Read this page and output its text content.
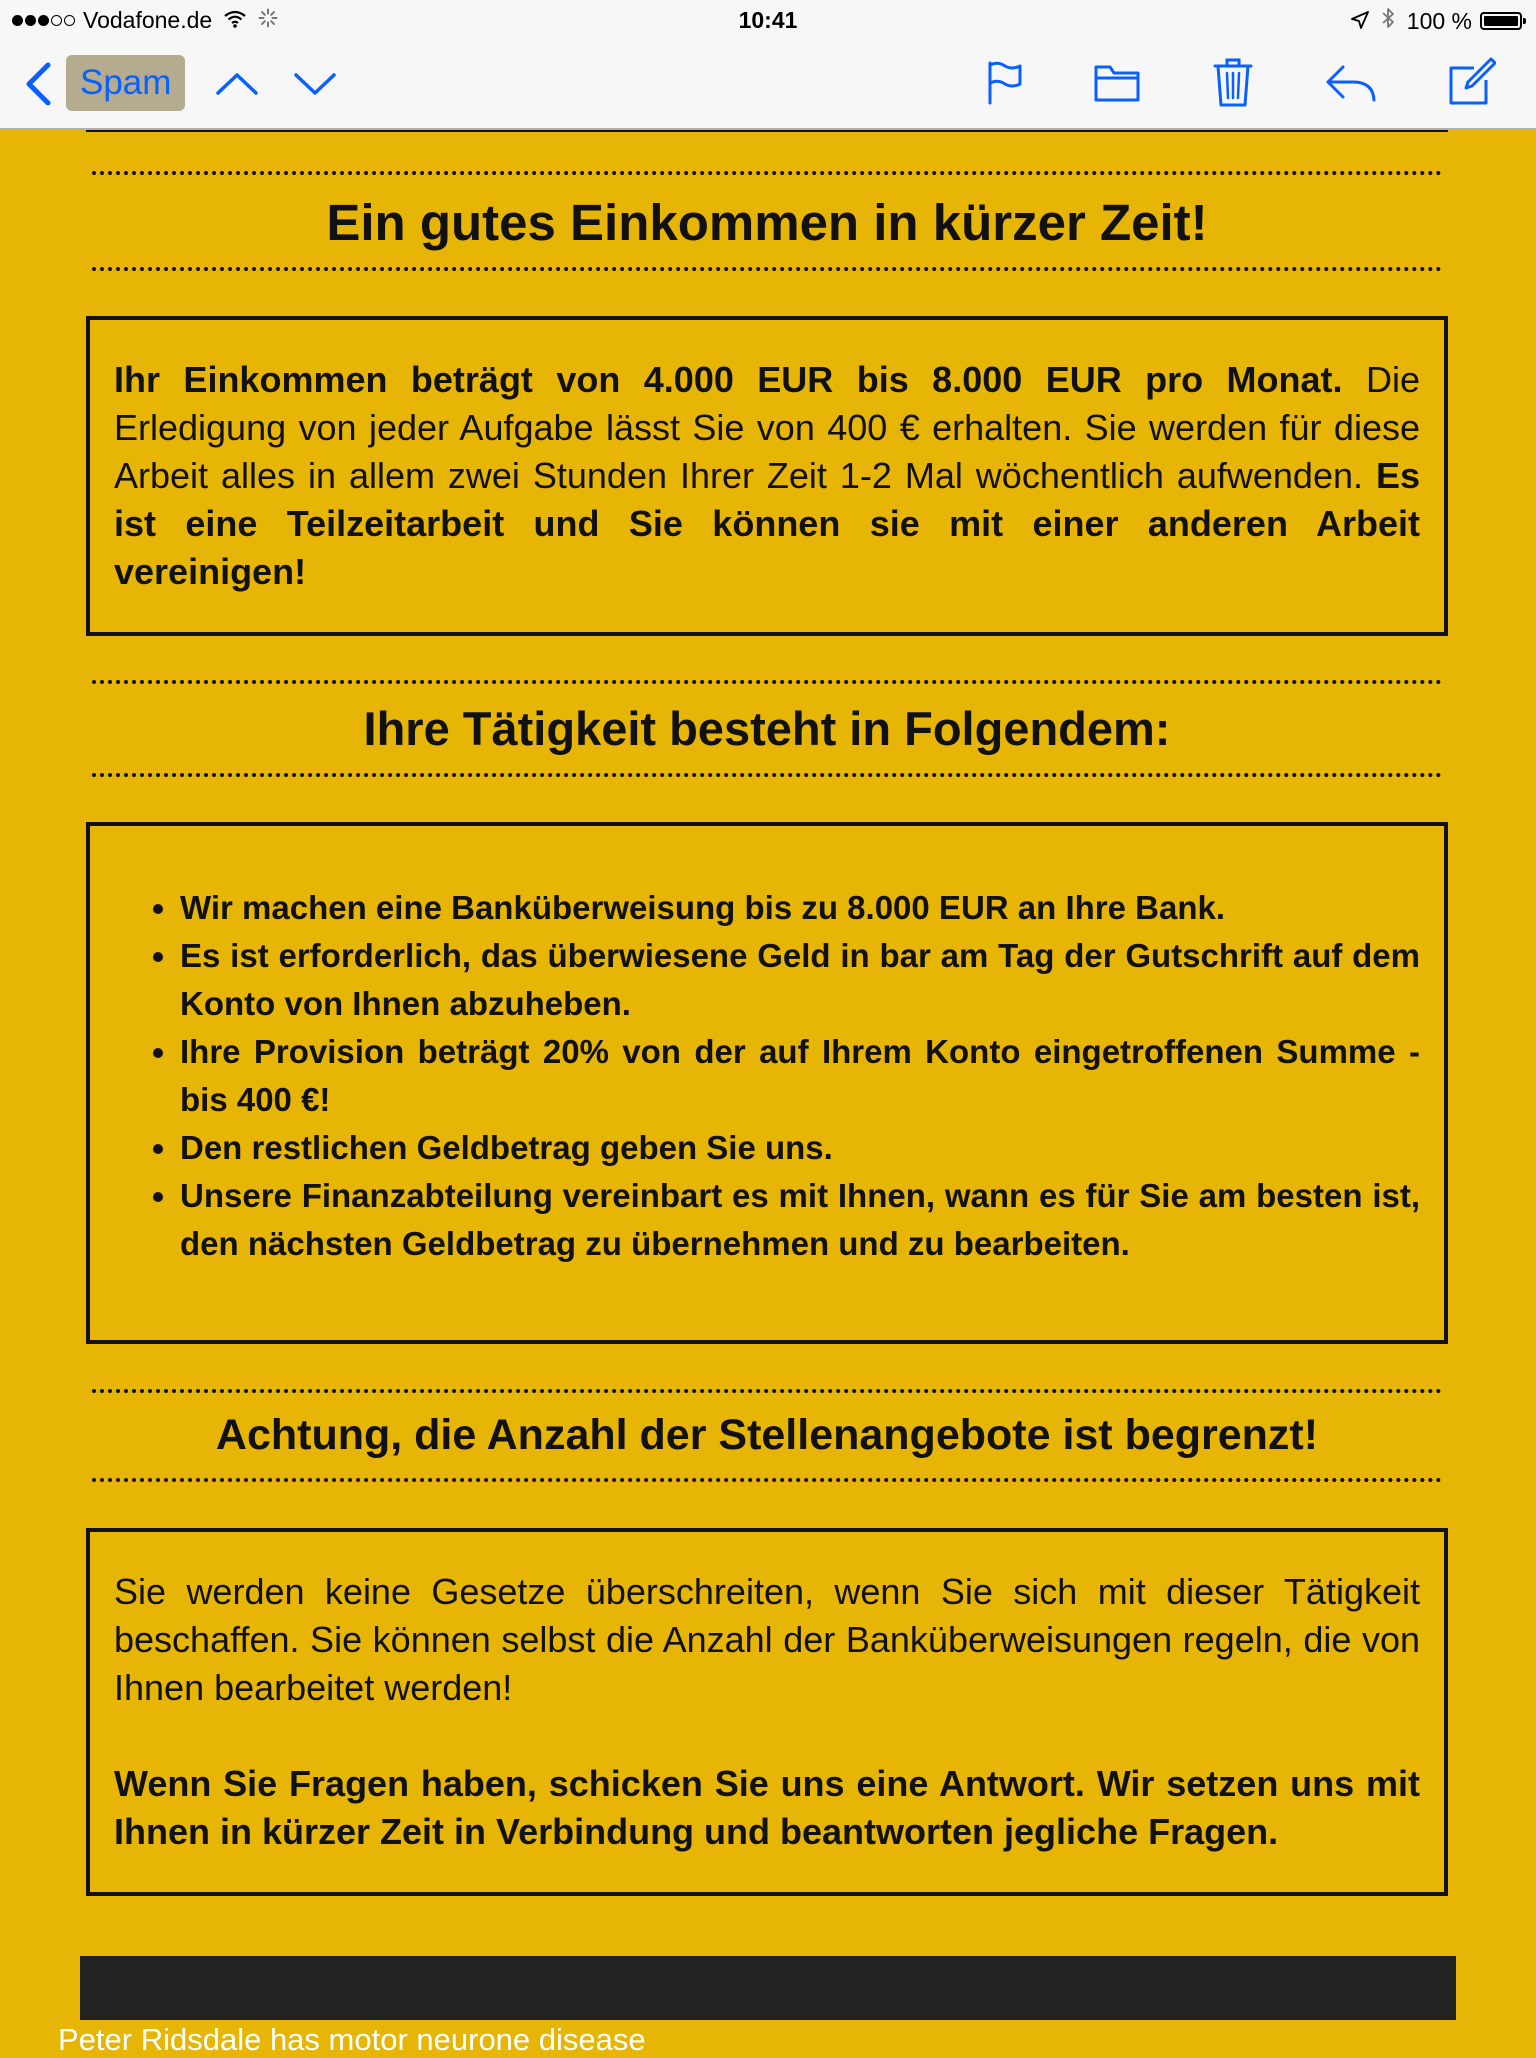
Vodafone.de	10:41	100 %
Spam
Ein gutes Einkommen in kürzer Zeit!
Ihr Einkommen beträgt von 4.000 EUR bis 8.000 EUR pro Monat. Die Erledigung von jeder Aufgabe lässt Sie von 400 € erhalten. Sie werden für diese Arbeit alles in allem zwei Stunden Ihrer Zeit 1-2 Mal wöchentlich aufwenden. Es ist eine Teilzeitarbeit und Sie können sie mit einer anderen Arbeit vereinigen!
Ihre Tätigkeit besteht in Folgendem:
• Wir machen eine Banküberweisung bis zu 8.000 EUR an Ihre Bank.
• Es ist erforderlich, das überwiesene Geld in bar am Tag der Gutschrift auf dem Konto von Ihnen abzuheben.
• Ihre Provision beträgt 20% von der auf Ihrem Konto eingetroffenen Summe - bis 400 €!
• Den restlichen Geldbetrag geben Sie uns.
• Unsere Finanzabteilung vereinbart es mit Ihnen, wann es für Sie am besten ist, den nächsten Geldbetrag zu übernehmen und zu bearbeiten.
Achtung, die Anzahl der Stellenangebote ist begrenzt!
Sie werden keine Gesetze überschreiten, wenn Sie sich mit dieser Tätigkeit beschaffen. Sie können selbst die Anzahl der Banküberweisungen regeln, die von Ihnen bearbeitet werden!
Wenn Sie Fragen haben, schicken Sie uns eine Antwort. Wir setzen uns mit Ihnen in kürzer Zeit in Verbindung und beantworten jegliche Fragen.
Peter Ridsdale has motor neurone disease
